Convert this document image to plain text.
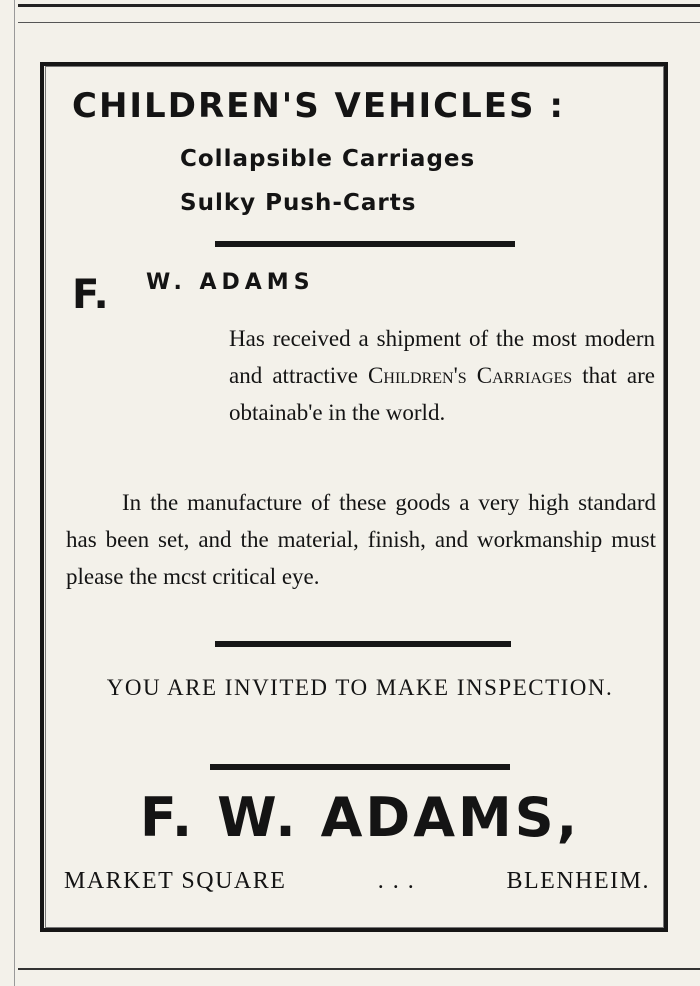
CHILDREN'S VEHICLES :
Collapsible Carriages
Sulky Push-Carts
F. W. ADAMS

Has received a shipment of the most modern and attractive Children's Carriages that are obtainab'e in the world.

In the manufacture of these goods a very high standard has been set, and the material, finish, and workmanship must please the mcst critical eye.

YOU ARE INVITED TO MAKE INSPECTION.

F. W. ADAMS,
MARKET SQUARE	. . .	BLENHEIM.
